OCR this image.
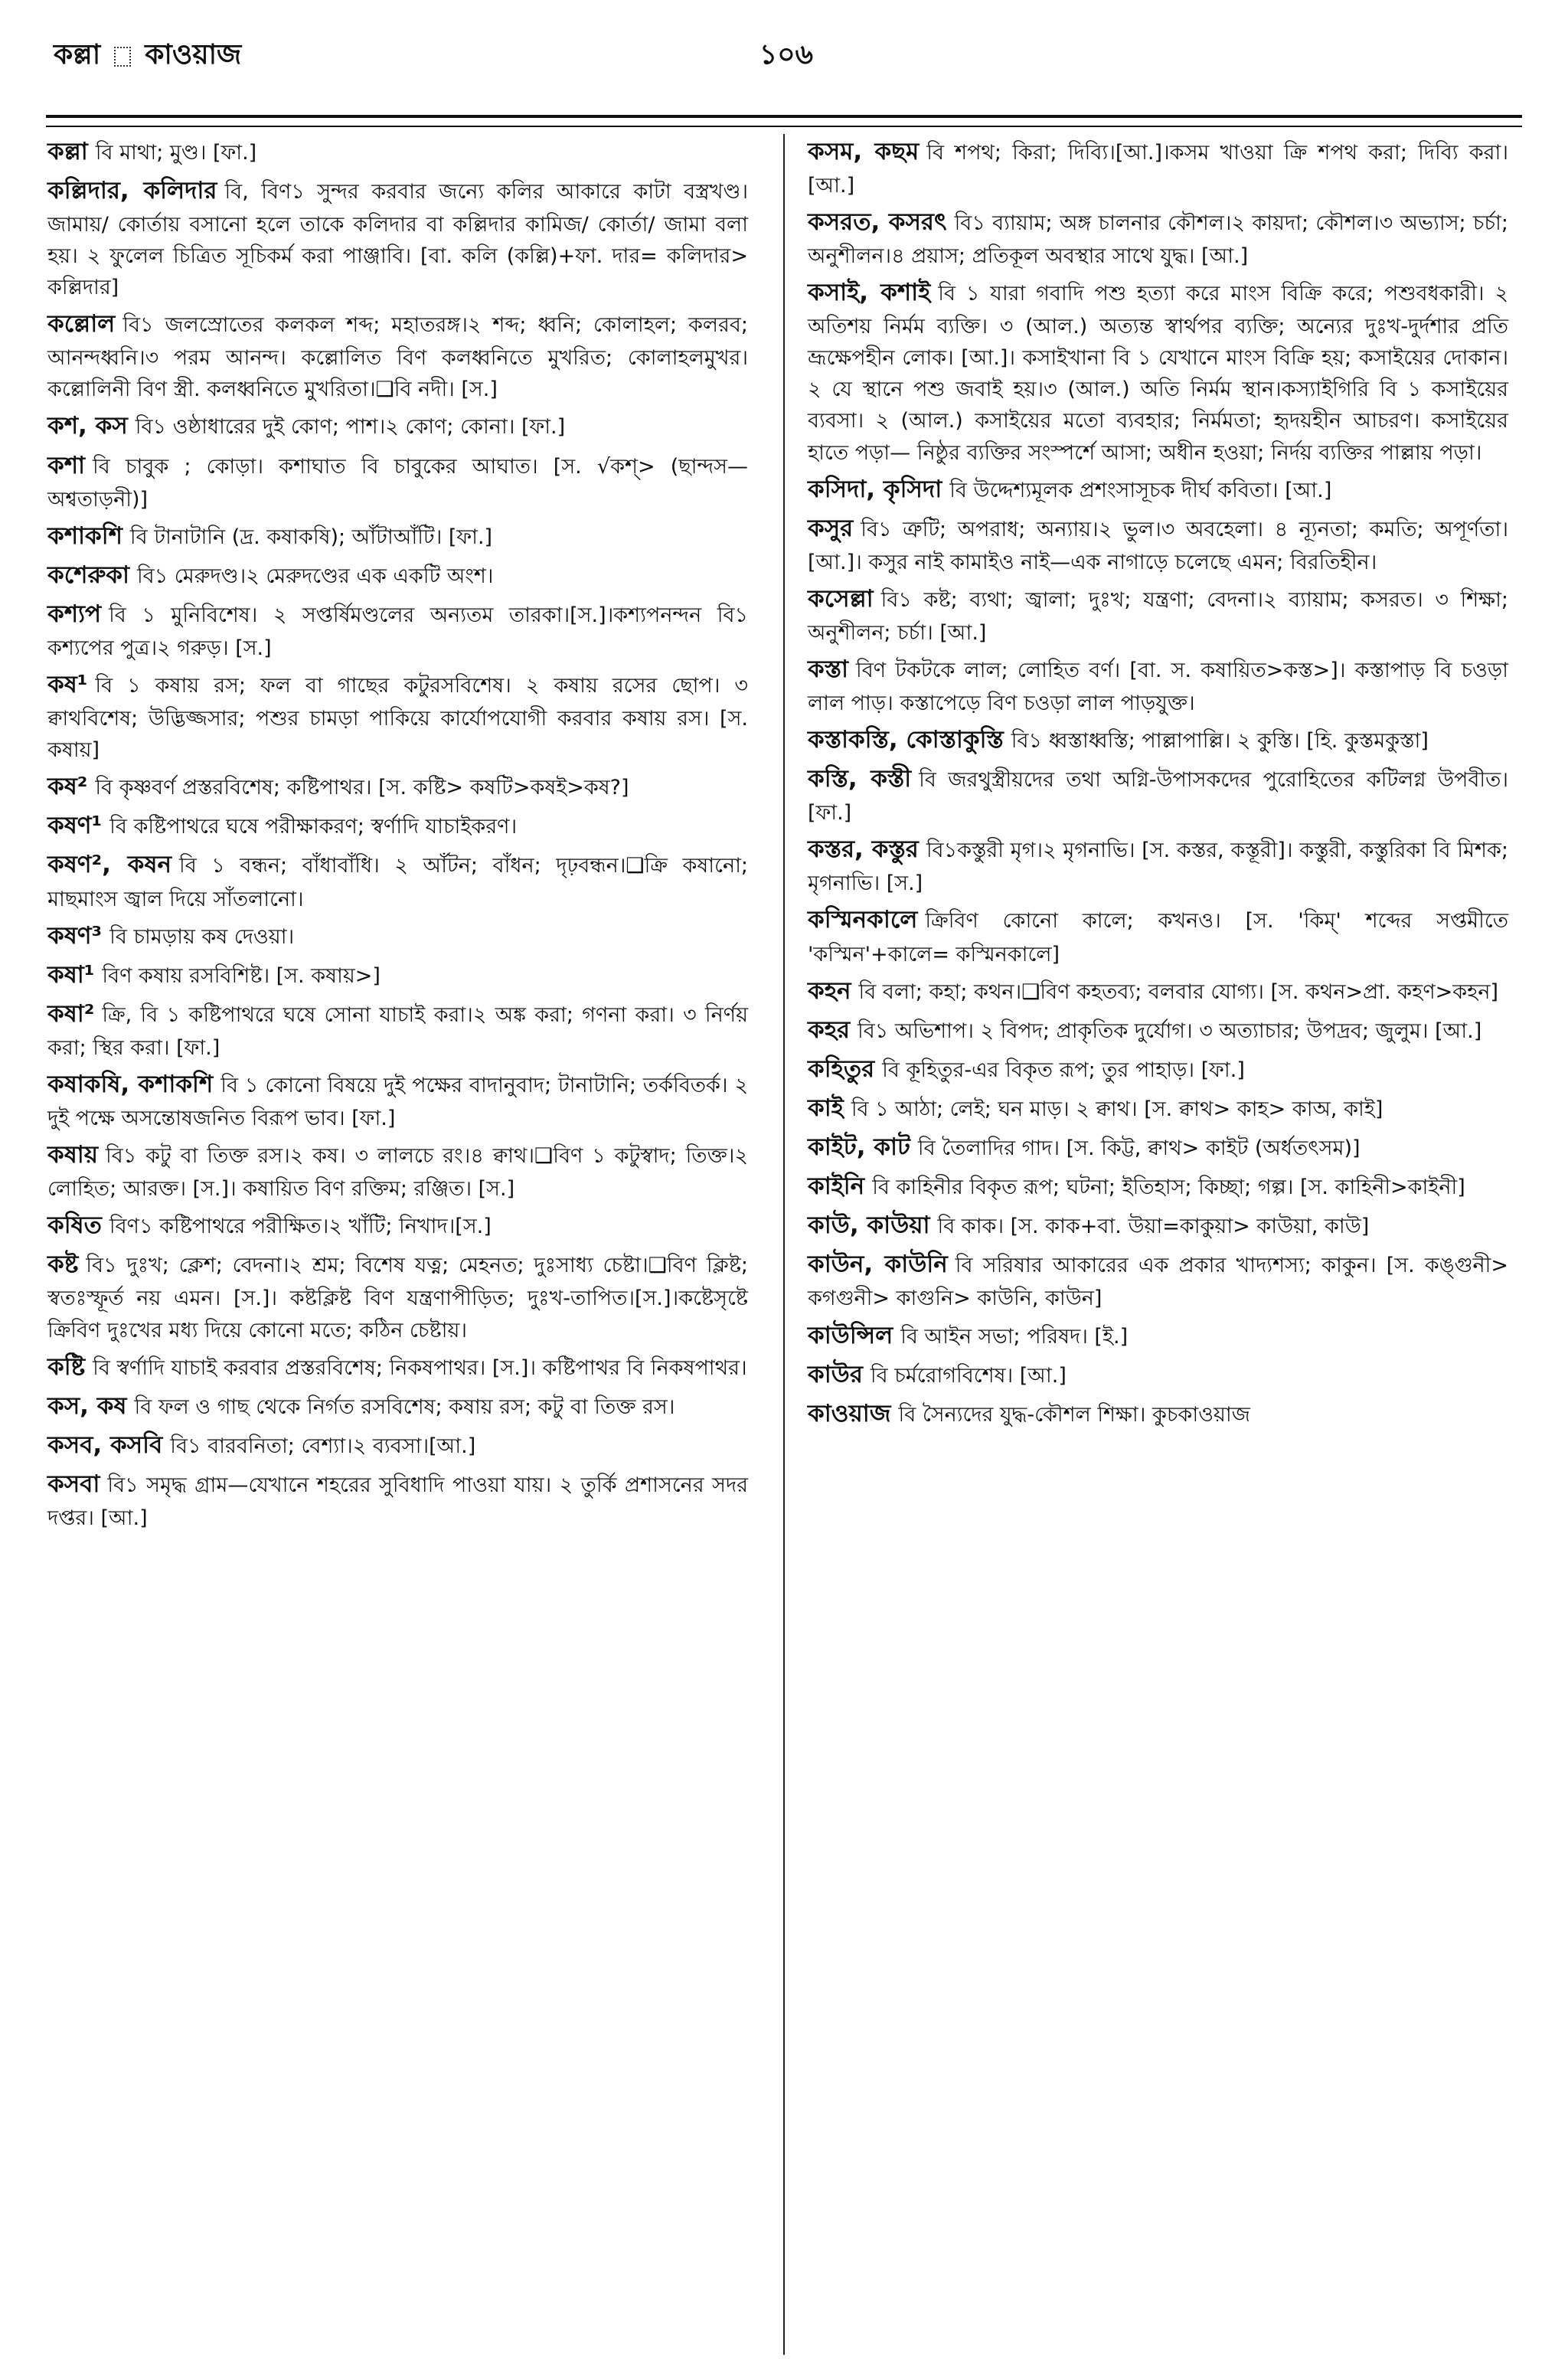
কল্লা কাওয়াজ	১০৬
কল্লা বি মাথা; মুণ্ড। [ফা.]
কল্লিদার, কলিদার বি, বিণ১ সুন্দর করবার জন্যে কলির আকারে কাটা বস্ত্রখণ্ড। জামায়/ কোর্তায় বসানো হলে তাকে কলিদার বা কল্লিদার কামিজ/ কোর্তা/ জামা বলা হয়। ২ ফুলেল চিত্রিত সূচিকর্ম করা পাঞ্জাবি। [বা. কলি (কল্লি)+ফা. দার= কলিদার> কল্লিদার]
কল্লোল বি১ জলস্রোতের কলকল শব্দ; মহাতরঙ্গ।২ শব্দ; ধ্বনি; কোলাহল; কলরব; আনন্দধ্বনি।৩ পরম আনন্দ। কল্লোলিত বিণ কলধ্বনিতে মুখরিত; কোলাহলমুখর। কল্লোলিনী বিণ স্ত্রী. কলধ্বনিতে মুখরিতা।❑বি নদী। [স.]
কশ, কস বি১ ওষ্ঠাধারের দুই কোণ; পাশ।২ কোণ; কোনা। [ফা.]
কশা বি চাবুক ; কোড়া। কশাঘাত বি চাবুকের আঘাত। [স. √কশ্‌> (ছান্দস—অশ্বতাড়নী)]
কশাকশি বি টানাটানি (দ্র. কষাকষি); আঁটাআঁটি। [ফা.]
কশেরুকা বি১ মেরুদণ্ড।২ মেরুদণ্ডের এক একটি অংশ।
কশ্যপ বি ১ মুনিবিশেষ। ২ সপ্তর্ষিমণ্ডলের অন্যতম তারকা।[স.]।কশ্যপনন্দন বি১ কশ্যপের পুত্র।২ গরুড়। [স.]
কষ¹ বি ১ কষায় রস; ফল বা গাছের কটুরসবিশেষ। ২ কষায় রসের ছোপ। ৩ ক্বাথবিশেষ; উদ্ভিজ্জসার; পশুর চামড়া পাকিয়ে কার্যোপযোগী করবার কষায় রস। [স. কষায়]
কষ² বি কৃষ্ণবর্ণ প্রস্তরবিশেষ; কষ্টিপাথর। [স. কষ্টি> কষটি>কষই>কষ?]
কষণ¹ বি কষ্টিপাথরে ঘষে পরীক্ষাকরণ; স্বর্ণাদি যাচাইকরণ।
কষণ², কষন বি ১ বন্ধন; বাঁধাবাঁধি। ২ আঁটন; বাঁধন; দৃঢ়বন্ধন।❑ক্রি কষানো; মাছমাংস জ্বাল দিয়ে সাঁতলানো।
কষণ³ বি চামড়ায় কষ দেওয়া।
কষা¹ বিণ কষায় রসবিশিষ্ট। [স. কষায়>]
কষা² ক্রি, বি ১ কষ্টিপাথরে ঘষে সোনা যাচাই করা।২ অঙ্ক করা; গণনা করা। ৩ নির্ণয় করা; স্থির করা। [ফা.]
কষাকষি, কশাকশি বি ১ কোনো বিষয়ে দুই পক্ষের বাদানুবাদ; টানাটানি; তর্কবিতর্ক। ২ দুই পক্ষে অসন্তোষজনিত বিরূপ ভাব। [ফা.]
কষায় বি১ কটু বা তিক্ত রস।২ কষ। ৩ লালচে রং।৪ ক্বাথ।❑বিণ ১ কটুস্বাদ; তিক্ত।২ লোহিত; আরক্ত। [স.]। কষায়িত বিণ রক্তিম; রঞ্জিত। [স.]
কষিত বিণ১ কষ্টিপাথরে পরীক্ষিত।২ খাঁটি; নিখাদ।[স.]
কষ্ট বি১ দুঃখ; ক্লেশ; বেদনা।২ শ্রম; বিশেষ যত্ন; মেহনত; দুঃসাধ্য চেষ্টা।❑বিণ ক্লিষ্ট; স্বতঃস্ফূর্ত নয় এমন। [স.]। কষ্টক্লিষ্ট বিণ যন্ত্রণাপীড়িত; দুঃখ-তাপিত।[স.]।কষ্টেসৃষ্টে ক্রিবিণ দুঃখের মধ্য দিয়ে কোনো মতে; কঠিন চেষ্টায়।
কষ্টি বি স্বর্ণাদি যাচাই করবার প্রস্তরবিশেষ; নিকষপাথর। [স.]। কষ্টিপাথর বি নিকষপাথর।
কস, কষ বি ফল ও গাছ থেকে নির্গত রসবিশেষ; কষায় রস; কটু বা তিক্ত রস।
কসব, কসবি বি১ বারবনিতা; বেশ্যা।২ ব্যবসা।[আ.]
কসবা বি১ সমৃদ্ধ গ্রাম—যেখানে শহরের সুবিধাদি পাওয়া যায়। ২ তুর্কি প্রশাসনের সদর দপ্তর। [আ.]
কসম, কছম বি শপথ; কিরা; দিব্যি।[আ.]।কসম খাওয়া ক্রি শপথ করা; দিব্যি করা। [আ.]
কসরত, কসরৎ বি১ ব্যায়াম; অঙ্গ চালনার কৌশল।২ কায়দা; কৌশল।৩ অভ্যাস; চর্চা; অনুশীলন।৪ প্রয়াস; প্রতিকূল অবস্থার সাথে যুদ্ধ। [আ.]
কসাই, কশাই বি ১ যারা গবাদি পশু হত্যা করে মাংস বিক্রি করে; পশুবধকারী। ২ অতিশয় নির্মম ব্যক্তি। ৩ (আল.) অত্যন্ত স্বার্থপর ব্যক্তি; অন্যের দুঃখ-দুর্দশার প্রতি ভ্রূক্ষেপহীন লোক। [আ.]। কসাইখানা বি ১ যেখানে মাংস বিক্রি হয়; কসাইয়ের দোকান।২ যে স্থানে পশু জবাই হয়।৩ (আল.) অতি নির্মম স্থান।কস্যাইগিরি বি ১ কসাইয়ের ব্যবসা। ২ (আল.) কসাইয়ের মতো ব্যবহার; নির্মমতা; হৃদয়হীন আচরণ। কসাইয়ের হাতে পড়া— নিষ্ঠুর ব্যক্তির সংস্পর্শে আসা; অধীন হওয়া; নির্দয় ব্যক্তির পাল্লায় পড়া।
কসিদা, কৃসিদা বি উদ্দেশ্যমূলক প্রশংসাসূচক দীর্ঘ কবিতা। [আ.]
কসুর বি১ ত্রুটি; অপরাধ; অন্যায়।২ ভুল।৩ অবহেলা। ৪ ন্যূনতা; কমতি; অপূর্ণতা।[আ.]। কসুর নাই কামাইও নাই—এক নাগাড়ে চলেছে এমন; বিরতিহীন।
কসেল্লা বি১ কষ্ট; ব্যথা; জ্বালা; দুঃখ; যন্ত্রণা; বেদনা।২ ব্যায়াম; কসরত। ৩ শিক্ষা; অনুশীলন; চর্চা। [আ.]
কস্তা বিণ টকটকে লাল; লোহিত বর্ণ। [বা. স. কষায়িত>কস্ত>]। কস্তাপাড় বি চওড়া লাল পাড়। কস্তাপেড়ে বিণ চওড়া লাল পাড়যুক্ত।
কস্তাকস্তি, কোস্তাকুস্তি বি১ ধ্বস্তাধ্বস্তি; পাল্লাপাল্লি। ২ কুস্তি। [হি. কুস্তমকুস্তা]
কস্তি, কস্তী বি জরথুস্ত্রীয়দের তথা অগ্নি-উপাসকদের পুরোহিতের কটিলগ্ন উপবীত। [ফা.]
কস্তর, কস্তুর বি১কস্তুরী মৃগ।২ মৃগনাভি। [স. কস্তর, কস্তূরী]। কস্তুরী, কস্তুরিকা বি মিশক; মৃগনাভি। [স.]
কস্মিনকালে ক্রিবিণ কোনো কালে; কখনও। [স. 'কিম্‌' শব্দের সপ্তমীতে 'কস্মিন'+কালে= কস্মিনকালে]
কহন বি বলা; কহা; কথন।❑বিণ কহতব্য; বলবার যোগ্য। [স. কথন>প্রা. কহণ>কহন]
কহর বি১ অভিশাপ। ২ বিপদ; প্রাকৃতিক দুর্যোগ। ৩ অত্যাচার; উপদ্রব; জুলুম। [আ.]
কহিতুর বি কূহিতুর-এর বিকৃত রূপ; তুর পাহাড়। [ফা.]
কাই বি ১ আঠা; লেই; ঘন মাড়। ২ ক্বাথ। [স. ক্বাথ> কাহ> কাঅ, কাই]
কাইট, কাট বি তৈলাদির গাদ। [স. কিট্ট, ক্বাথ> কাইট (অর্ধতৎসম)]
কাইনি বি কাহিনীর বিকৃত রূপ; ঘটনা; ইতিহাস; কিচ্ছা; গল্প। [স. কাহিনী>কাইনী]
কাউ, কাউয়া বি কাক। [স. কাক+বা. উয়া=কাকুয়া> কাউয়া, কাউ]
কাউন, কাউনি বি সরিষার আকারের এক প্রকার খাদ্যশস্য; কাকুন। [স. কঙ্গুনী> কগগুনী> কাগুনি> কাউনি, কাউন]
কাউন্সিল বি আইন সভা; পরিষদ। [ই.]
কাউর বি চর্মরোগবিশেষ। [আ.]
কাওয়াজ বি সৈন্যদের যুদ্ধ-কৌশল শিক্ষা। কুচকাওয়াজ
